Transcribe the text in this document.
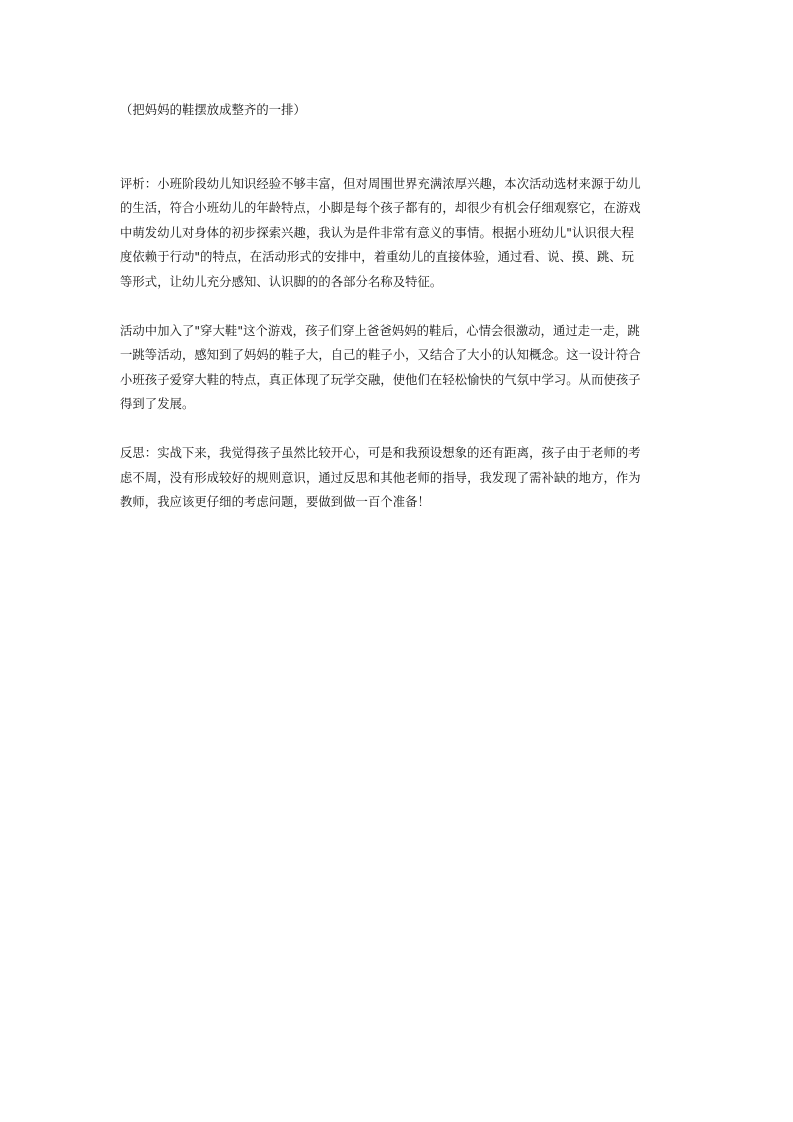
（把妈妈的鞋摆放成整齐的一排）
评析：小班阶段幼儿知识经验不够丰富，但对周围世界充满浓厚兴趣，本次活动选材来源于幼儿
的生活，符合小班幼儿的年龄特点，小脚是每个孩子都有的，却很少有机会仔细观察它，在游戏
中萌发幼儿对身体的初步探索兴趣，我认为是件非常有意义的事情。根据小班幼儿"认识很大程
度依赖于行动"的特点，在活动形式的安排中，着重幼儿的直接体验，通过看、说、摸、跳、玩
等形式，让幼儿充分感知、认识脚的的各部分名称及特征。
活动中加入了"穿大鞋"这个游戏，孩子们穿上爸爸妈妈的鞋后，心情会很激动，通过走一走，跳
一跳等活动，感知到了妈妈的鞋子大，自己的鞋子小，又结合了大小的认知概念。这一设计符合
小班孩子爱穿大鞋的特点，真正体现了玩学交融，使他们在轻松愉快的气氛中学习。从而使孩子
得到了发展。
反思：实战下来，我觉得孩子虽然比较开心，可是和我预设想象的还有距离，孩子由于老师的考
虑不周，没有形成较好的规则意识，通过反思和其他老师的指导，我发现了需补缺的地方，作为
教师，我应该更仔细的考虑问题，要做到做一百个准备！
